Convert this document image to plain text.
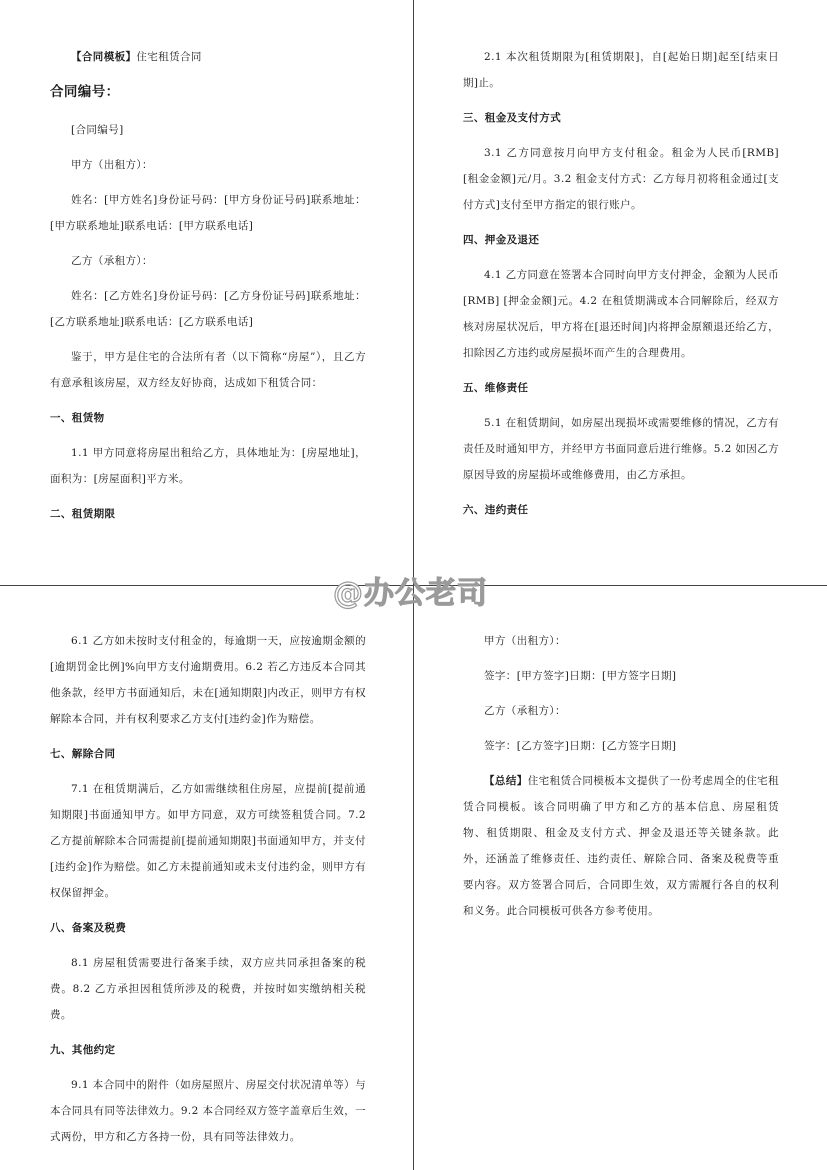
【合同模板】住宅租赁合同

合同编号：

[合同编号]

甲方（出租方）：

姓名：[甲方姓名]身份证号码：[甲方身份证号码]联系地址：[甲方联系地址]联系电话：[甲方联系电话]

乙方（承租方）：

姓名：[乙方姓名]身份证号码：[乙方身份证号码]联系地址：[乙方联系地址]联系电话：[乙方联系电话]

鉴于，甲方是住宅的合法所有者（以下简称“房屋”），且乙方有意承租该房屋，双方经友好协商，达成如下租赁合同：

一、租赁物

1.1 甲方同意将房屋出租给乙方，具体地址为：[房屋地址]，面积为：[房屋面积]平方米。

二、租赁期限

2.1 本次租赁期限为[租赁期限]，自[起始日期]起至[结束日期]止。

三、租金及支付方式

3.1 乙方同意按月向甲方支付租金。租金为人民币[RMB] [租金金额]元/月。3.2 租金支付方式：乙方每月初将租金通过[支付方式]支付至甲方指定的银行账户。

四、押金及退还

4.1 乙方同意在签署本合同时向甲方支付押金，金额为人民币[RMB] [押金金额]元。4.2 在租赁期满或本合同解除后，经双方核对房屋状况后，甲方将在[退还时间]内将押金原额退还给乙方，扣除因乙方违约或房屋损坏而产生的合理费用。

五、维修责任

5.1 在租赁期间，如房屋出现损坏或需要维修的情况，乙方有责任及时通知甲方，并经甲方书面同意后进行维修。5.2 如因乙方原因导致的房屋损坏或维修费用，由乙方承担。

六、违约责任

6.1 乙方如未按时支付租金的，每逾期一天，应按逾期金额的[逾期罚金比例]%向甲方支付逾期费用。6.2 若乙方违反本合同其他条款，经甲方书面通知后，未在[通知期限]内改正，则甲方有权解除本合同，并有权利要求乙方支付[违约金]作为赔偿。

七、解除合同

7.1 在租赁期满后，乙方如需继续租住房屋，应提前[提前通知期限]书面通知甲方。如甲方同意，双方可续签租赁合同。7.2 乙方提前解除本合同需提前[提前通知期限]书面通知甲方，并支付[违约金]作为赔偿。如乙方未提前通知或未支付违约金，则甲方有权保留押金。

八、备案及税费

8.1 房屋租赁需要进行备案手续，双方应共同承担备案的税费。8.2 乙方承担因租赁所涉及的税费，并按时如实缴纳相关税费。

九、其他约定

9.1 本合同中的附件（如房屋照片、房屋交付状况清单等）与本合同具有同等法律效力。9.2 本合同经双方签字盖章后生效，一式两份，甲方和乙方各持一份，具有同等法律效力。

甲方（出租方）：

签字：[甲方签字]日期：[甲方签字日期]

乙方（承租方）：

签字：[乙方签字]日期：[乙方签字日期]

【总结】住宅租赁合同模板本文提供了一份考虑周全的住宅租赁合同模板。该合同明确了甲方和乙方的基本信息、房屋租赁物、租赁期限、租金及支付方式、押金及退还等关键条款。此外，还涵盖了维修责任、违约责任、解除合同、备案及税费等重要内容。双方签署合同后，合同即生效，双方需履行各自的权利和义务。此合同模板可供各方参考使用。

@办公老司
